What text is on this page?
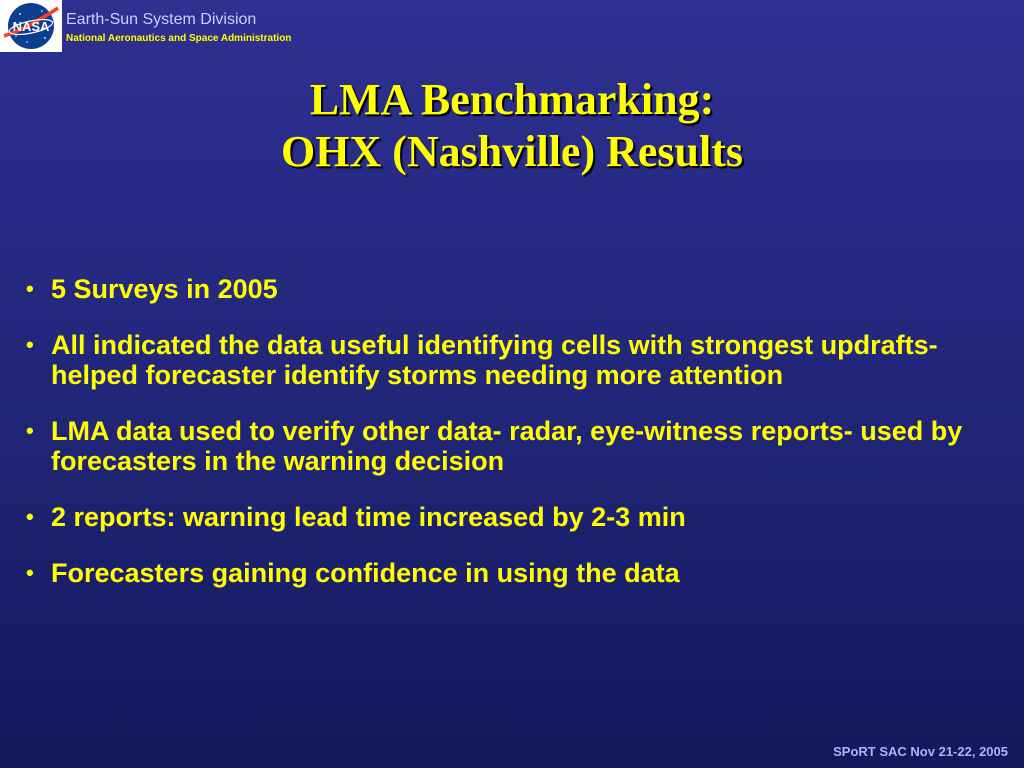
NASA Earth-Sun System Division
National Aeronautics and Space Administration
LMA Benchmarking:
OHX (Nashville) Results
• 5 Surveys in 2005
• All indicated the data useful identifying cells with strongest updrafts- helped forecaster identify storms needing more attention
• LMA data used to verify other data- radar, eye-witness reports- used by forecasters in the warning decision
• 2 reports: warning lead time increased by 2-3 min
• Forecasters gaining confidence in using the data
SPoRT SAC Nov 21-22, 2005
